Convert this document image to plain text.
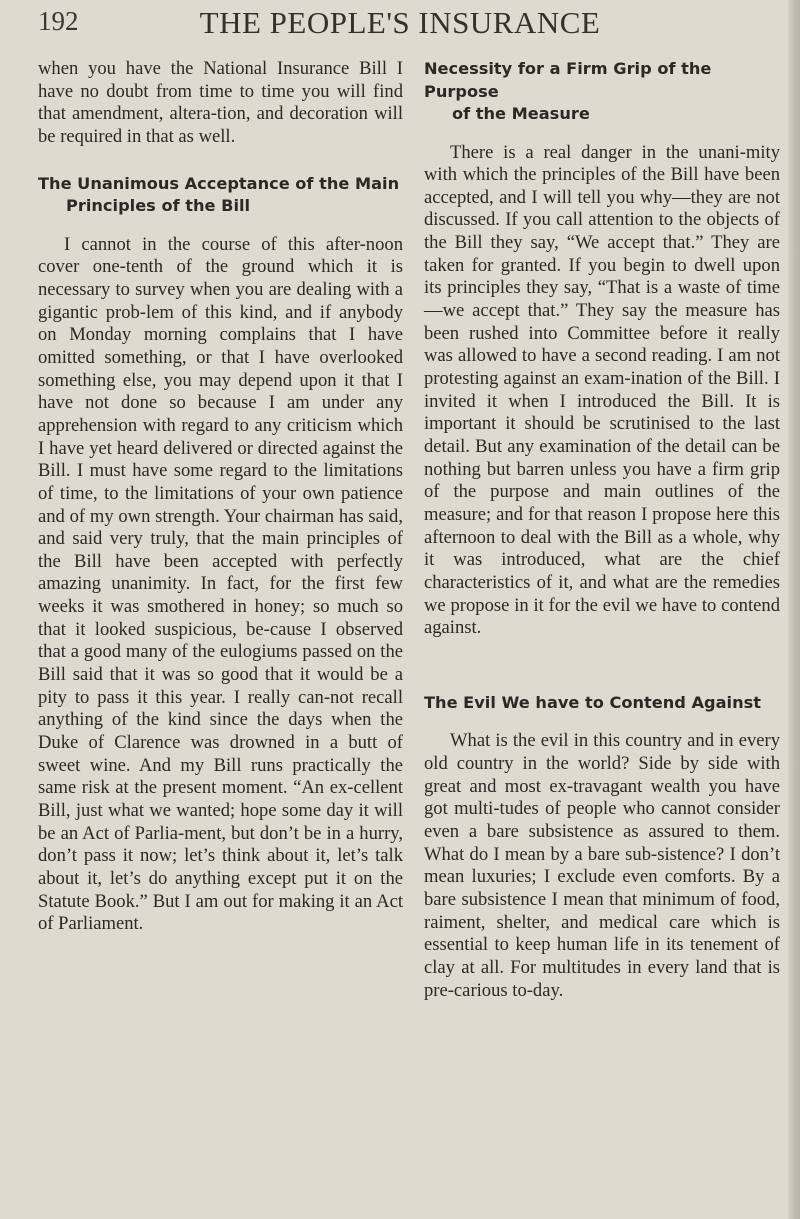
192	THE PEOPLE'S INSURANCE

when you have the National Insurance Bill I have no doubt from time to time you will find that amendment, altera-tion, and decoration will be required in that as well.

The Unanimous Acceptance of the Main
Principles of the Bill

I cannot in the course of this after-noon cover one-tenth of the ground which it is necessary to survey when you are dealing with a gigantic prob-lem of this kind, and if anybody on Monday morning complains that I have omitted something, or that I have overlooked something else, you may depend upon it that I have not done so because I am under any apprehension with regard to any criticism which I have yet heard delivered or directed against the Bill. I must have some regard to the limitations of time, to the limitations of your own patience and of my own strength. Your chairman has said, and said very truly, that the main principles of the Bill have been accepted with perfectly amazing unanimity. In fact, for the first few weeks it was smothered in honey; so much so that it looked suspicious, be-cause I observed that a good many of the eulogiums passed on the Bill said that it was so good that it would be a pity to pass it this year. I really can-not recall anything of the kind since the days when the Duke of Clarence was drowned in a butt of sweet wine. And my Bill runs practically the same risk at the present moment. “An ex-cellent Bill, just what we wanted; hope some day it will be an Act of Parlia-ment, but don’t be in a hurry, don’t pass it now; let’s think about it, let’s talk about it, let’s do anything except put it on the Statute Book.” But I am out for making it an Act of Parliament.

Necessity for a Firm Grip of the Purpose
of the Measure

There is a real danger in the unani-mity with which the principles of the Bill have been accepted, and I will tell you why—they are not discussed. If you call attention to the objects of the Bill they say, “We accept that.” They are taken for granted. If you begin to dwell upon its principles they say, “That is a waste of time—we accept that.” They say the measure has been rushed into Committee before it really was allowed to have a second reading. I am not protesting against an exam-ination of the Bill. I invited it when I introduced the Bill. It is important it should be scrutinised to the last detail. But any examination of the detail can be nothing but barren unless you have a firm grip of the purpose and main outlines of the measure; and for that reason I propose here this afternoon to deal with the Bill as a whole, why it was introduced, what are the chief characteristics of it, and what are the remedies we propose in it for the evil we have to contend against.

The Evil We have to Contend Against

What is the evil in this country and in every old country in the world? Side by side with great and most ex-travagant wealth you have got multi-tudes of people who cannot consider even a bare subsistence as assured to them. What do I mean by a bare sub-sistence? I don’t mean luxuries; I exclude even comforts. By a bare subsistence I mean that minimum of food, raiment, shelter, and medical care which is essential to keep human life in its tenement of clay at all. For multitudes in every land that is pre-carious to-day.
